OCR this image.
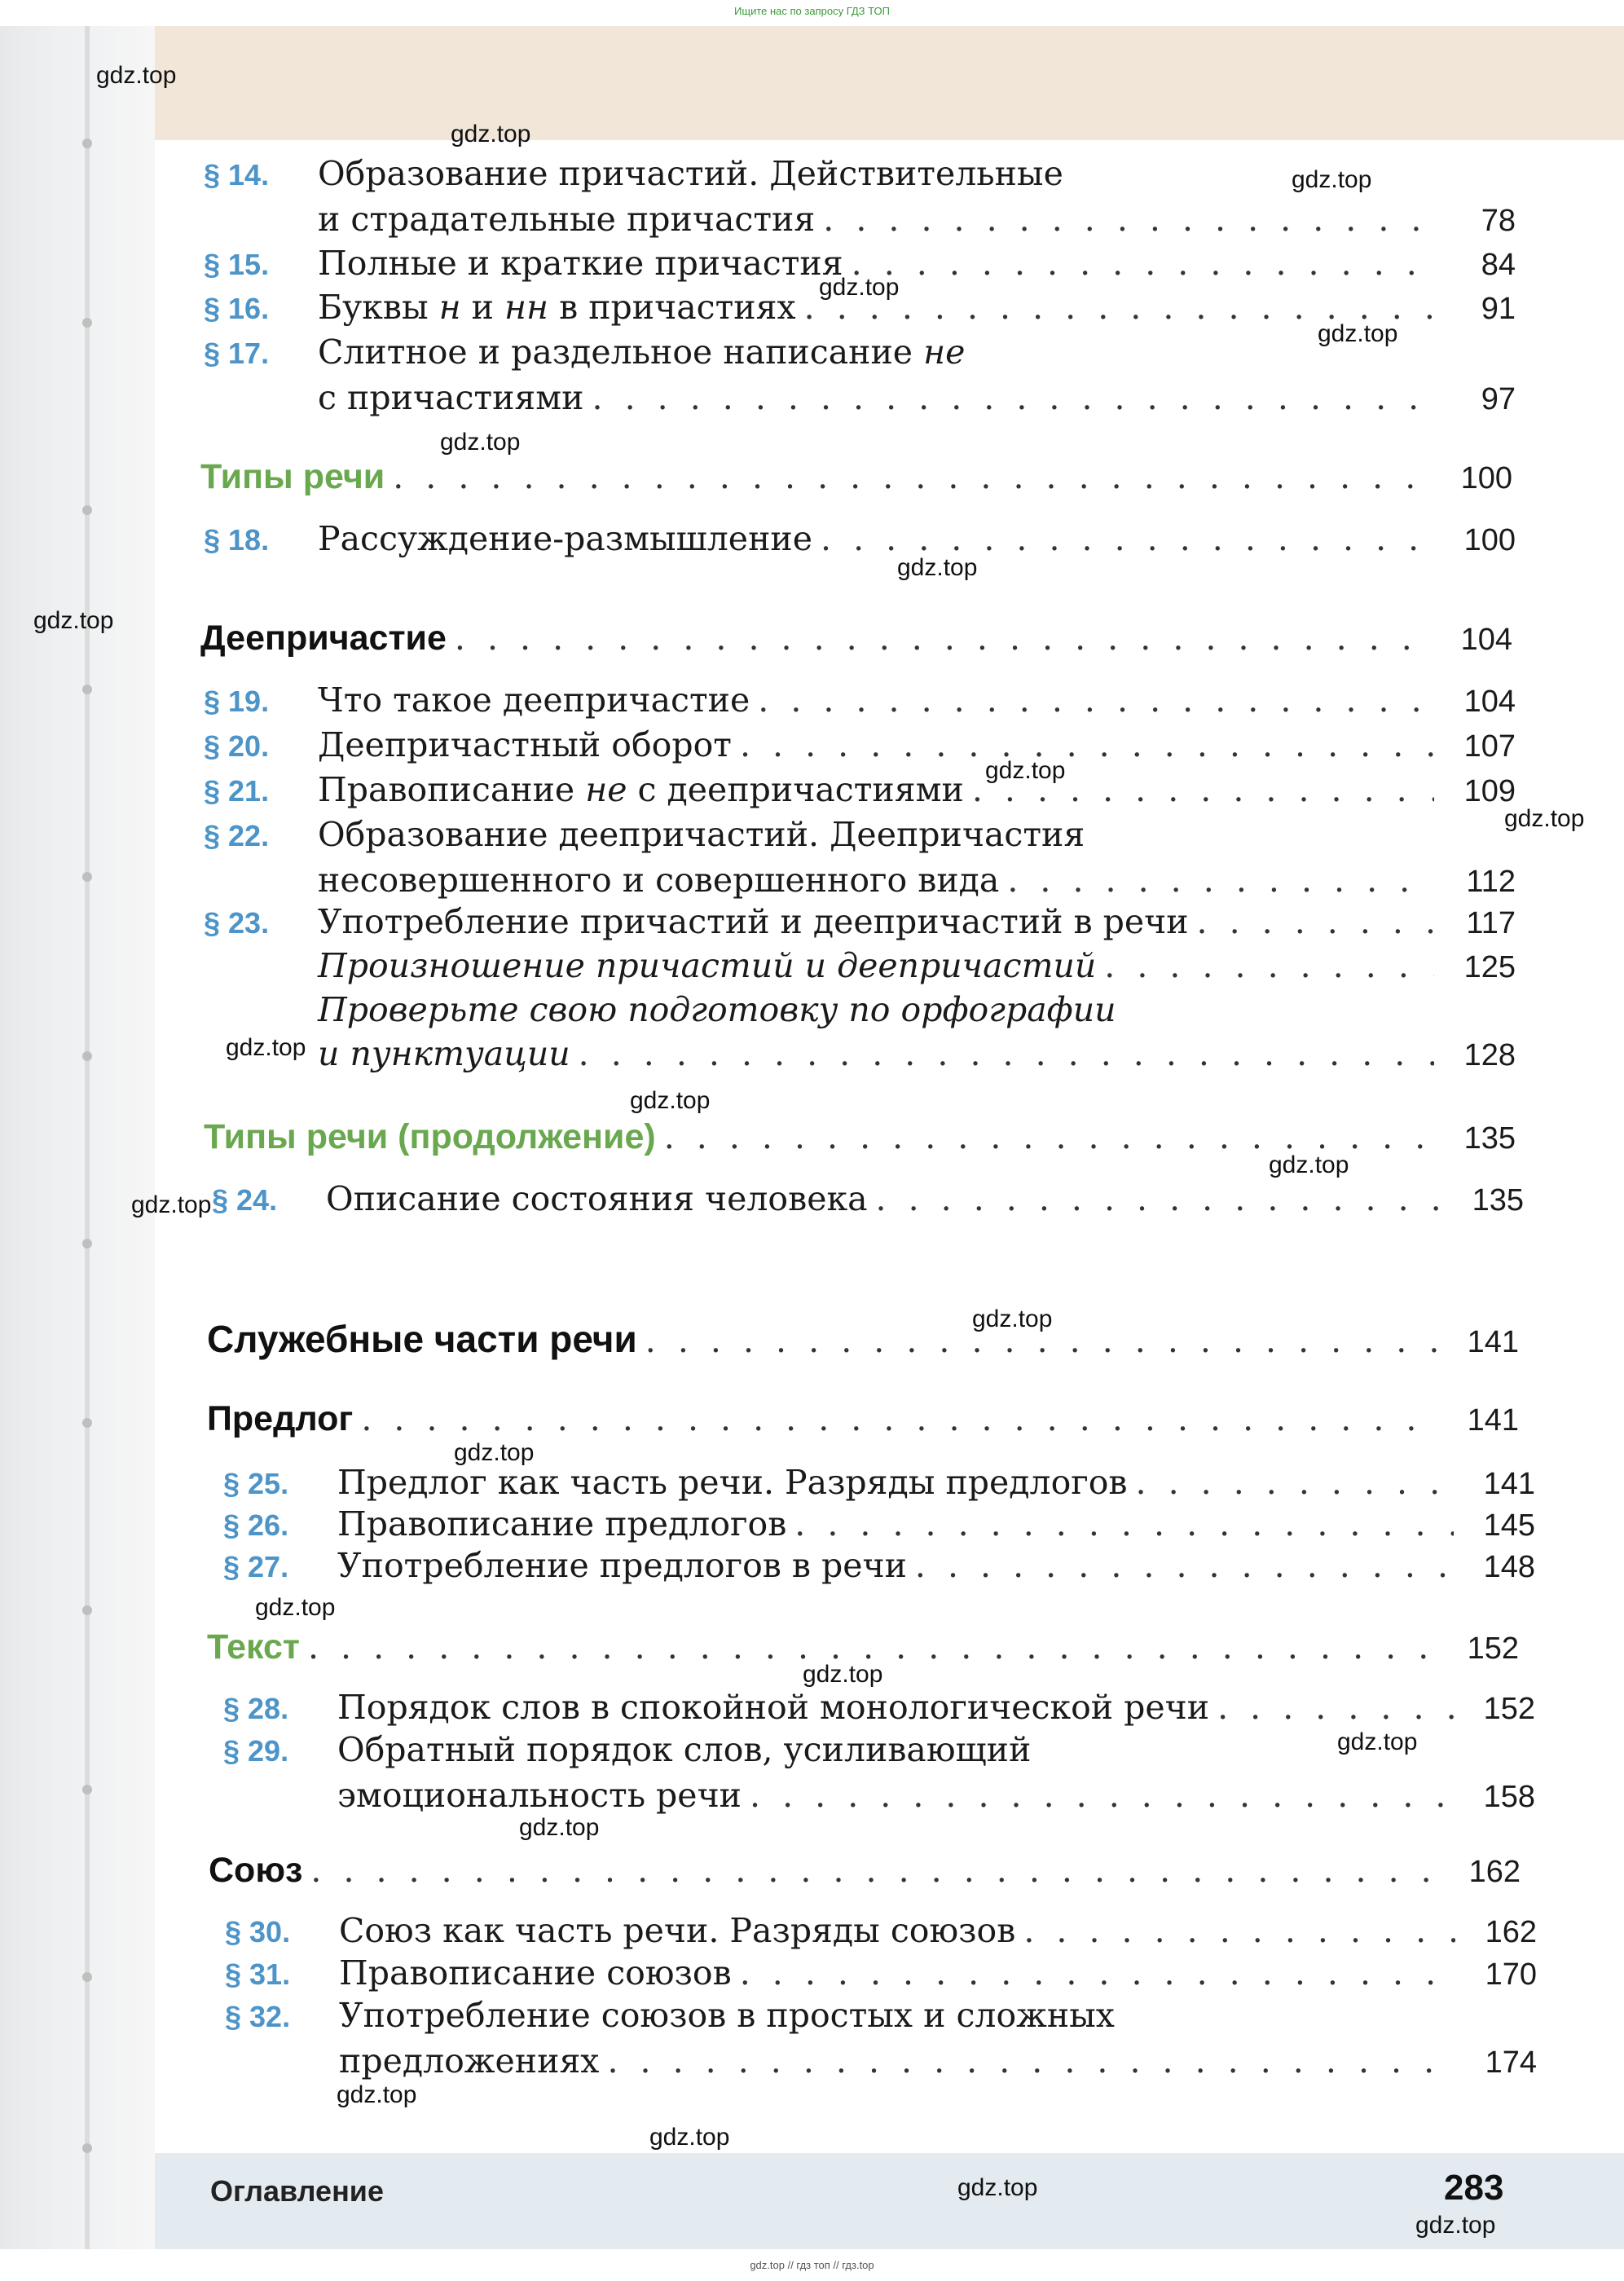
Ищите нас по запросу ГДЗ ТОП
§ 14.	Образование причастий. Действительные
и страдательные причастия . . .	78
§ 15.	Полные и краткие причастия . . .	84
§ 16.	Буквы н и нн в причастиях . . .	91
§ 17.	Слитное и раздельное написание не
с причастиями . . .	97
Типы речи . . .	100
§ 18.	Рассуждение-размышление . . .	100
Деепричастие . . .	104
§ 19.	Что такое деепричастие . . .	104
§ 20.	Деепричастный оборот . . .	107
§ 21.	Правописание не с деепричастиями . . .	109
§ 22.	Образование деепричастий. Деепричастия
несовершенного и совершенного вида . . .	112
§ 23.	Употребление причастий и деепричастий в речи . . .	117
Произношение причастий и деепричастий . . .	125
Проверьте свою подготовку по орфографии
и пунктуации . . .	128
Типы речи (продолжение) . . .	135
§ 24.	Описание состояния человека . . .	135
Служебные части речи . . .	141
Предлог . . .	141
§ 25.	Предлог как часть речи. Разряды предлогов . . .	141
§ 26.	Правописание предлогов . . .	145
§ 27.	Употребление предлогов в речи . . .	148
Текст . . .	152
§ 28.	Порядок слов в спокойной монологической речи . . .	152
§ 29.	Обратный порядок слов, усиливающий
эмоциональность речи . . .	158
Союз . . .	162
§ 30.	Союз как часть речи. Разряды союзов . . .	162
§ 31.	Правописание союзов . . .	170
§ 32.	Употребление союзов в простых и сложных
предложениях . . .	174
Оглавление	283
gdz.top
gdz.top
gdz.top
gdz.top
gdz.top
gdz.top
gdz.top
gdz.top
gdz.top
gdz.top
gdz.top
gdz.top
gdz.top
gdz.top
gdz.top
gdz.top
gdz.top
gdz.top
gdz.top
gdz.top
gdz.top
gdz.top
gdz.top
gdz.top
gdz.top // гдз топ // гдз.top
